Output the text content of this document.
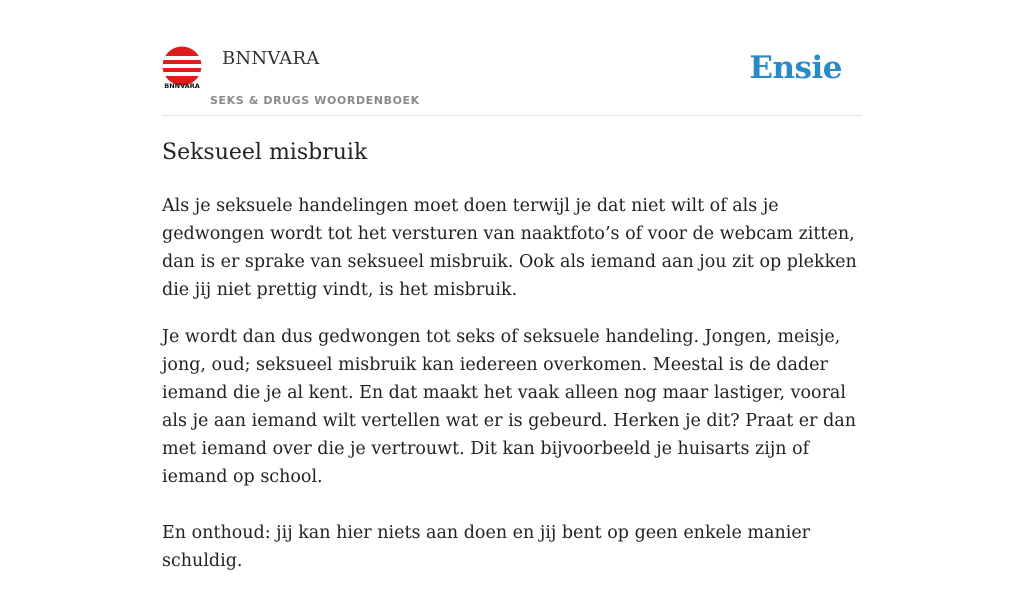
BNNVARA
BNNVARA
SEKS & DRUGS WOORDENBOEK
Ensie
Seksueel misbruik

Als je seksuele handelingen moet doen terwijl je dat niet wilt of als je gedwongen wordt tot het versturen van naaktfoto’s of voor de webcam zitten, dan is er sprake van seksueel misbruik. Ook als iemand aan jou zit op plekken die jij niet prettig vindt, is het misbruik.

Je wordt dan dus gedwongen tot seks of seksuele handeling. Jongen, meisje, jong, oud; seksueel misbruik kan iedereen overkomen. Meestal is de dader iemand die je al kent. En dat maakt het vaak alleen nog maar lastiger, vooral als je aan iemand wilt vertellen wat er is gebeurd. Herken je dit? Praat er dan met iemand over die je vertrouwt. Dit kan bijvoorbeeld je huisarts zijn of iemand op school.

En onthoud: jij kan hier niets aan doen en jij bent op geen enkele manier schuldig.
